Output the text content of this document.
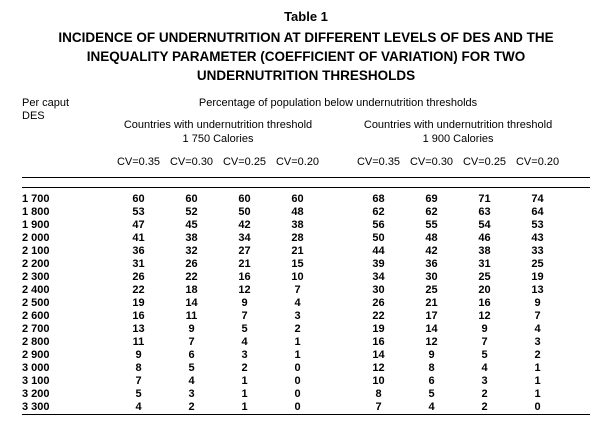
Table 1
INCIDENCE OF UNDERNUTRITION AT DIFFERENT LEVELS OF DES AND THE
INEQUALITY PARAMETER (COEFFICIENT OF VARIATION) FOR TWO
UNDERNUTRITION THRESHOLDS
Per caput
DES	Percentage of population below undernutrition thresholds									

Countries with undernutrition threshold
1 750 Calories

Countries with undernutrition threshold
1 900 Calories

	CV=0.35	CV=0.30	CV=0.25	CV=0.20		CV=0.35	CV=0.30	CV=0.25	CV=0.20	

1 700	60	60	60	60		68	69	71	74	
1 800	53	52	50	48		62	62	63	64	
1 900	47	45	42	38		56	55	54	53	
2 000	41	38	34	28		50	48	46	43	
2 100	36	32	27	21		44	42	38	33	
2 200	31	26	21	15		39	36	31	25	
2 300	26	22	16	10		34	30	25	19	
2 400	22	18	12	7		30	25	20	13	
2 500	19	14	9	4		26	21	16	9	
2 600	16	11	7	3		22	17	12	7	
2 700	13	9	5	2		19	14	9	4	
2 800	11	7	4	1		16	12	7	3	
2 900	9	6	3	1		14	9	5	2	
3 000	8	5	2	0		12	8	4	1	
3 100	7	4	1	0		10	6	3	1	
3 200	5	3	1	0		8	5	2	1	
3 300	4	2	1	0		7	4	2	0	
